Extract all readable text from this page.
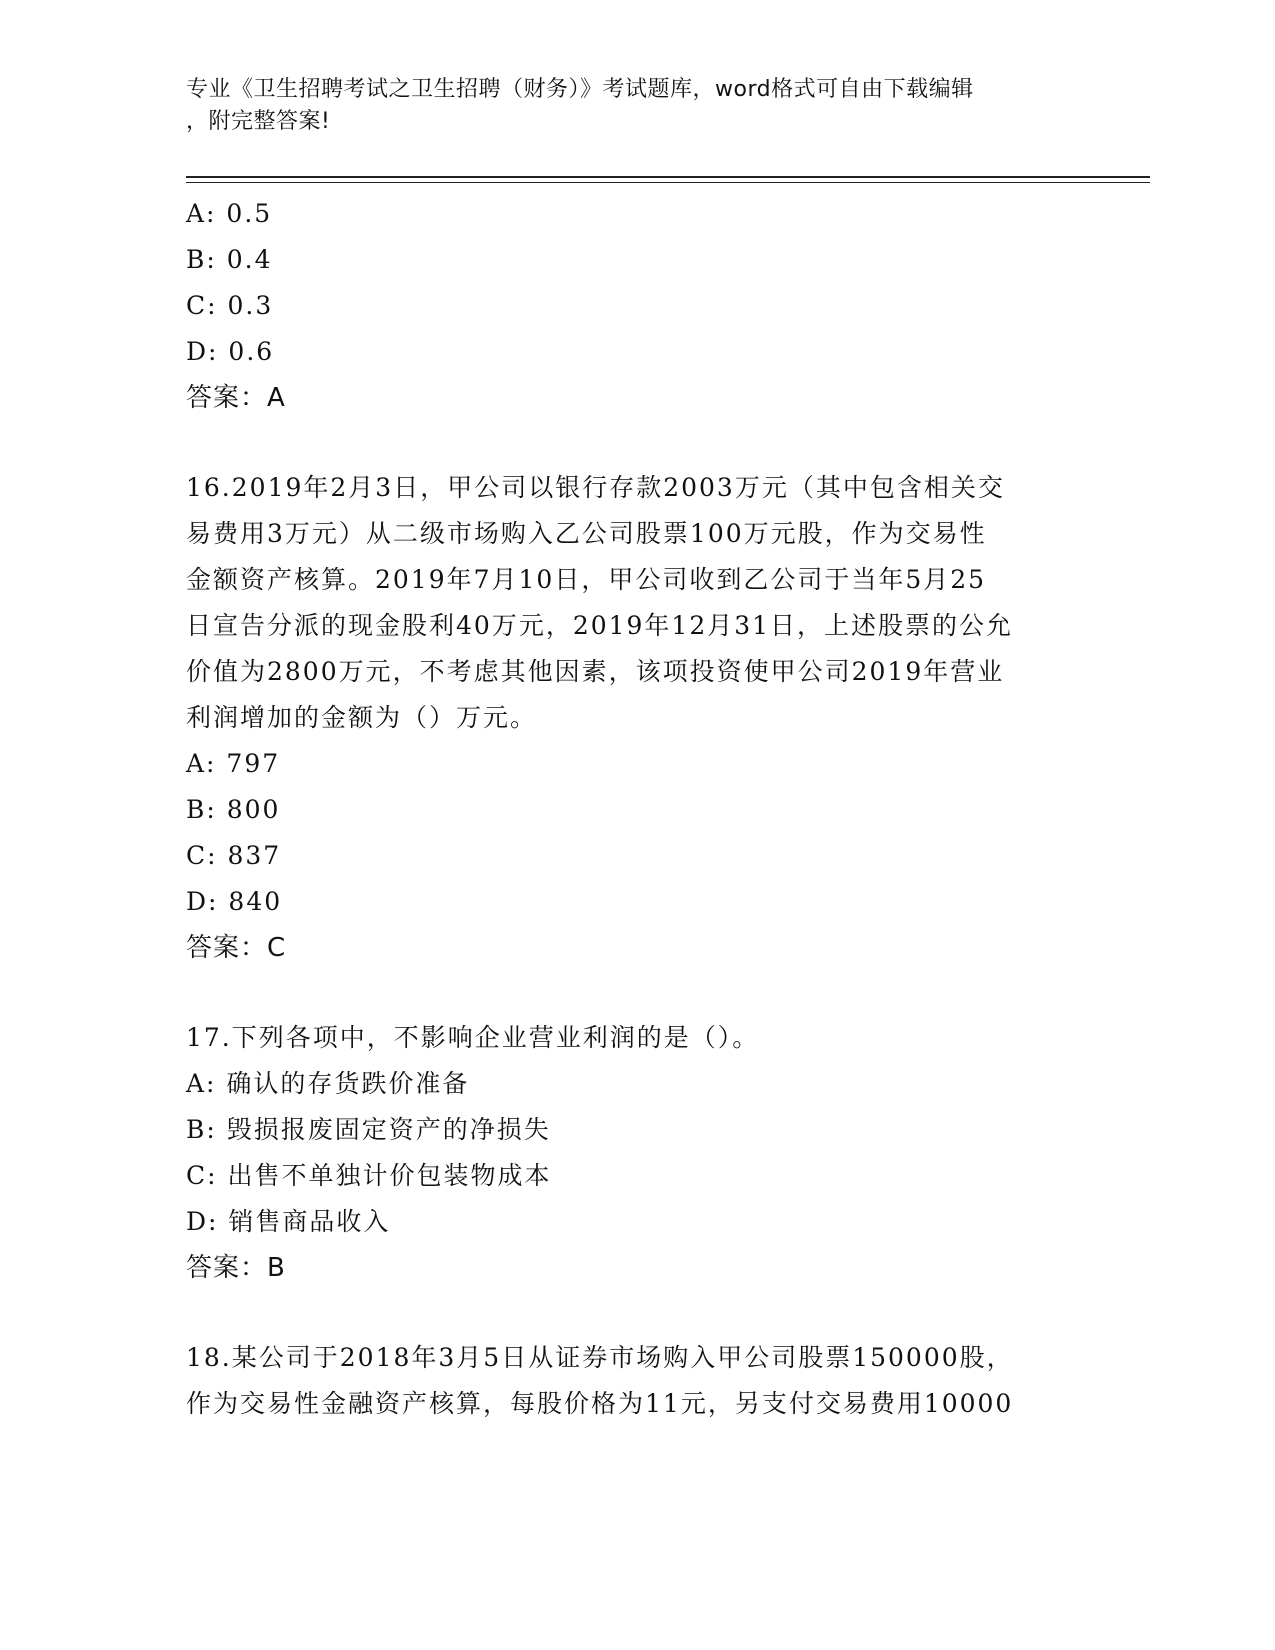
专业《卫生招聘考试之卫生招聘（财务）》考试题库，word格式可自由下载编辑
，附完整答案!
A: 0.5
B: 0.4
C: 0.3
D: 0.6
答案：A
16.2019年2月3日，甲公司以银行存款2003万元（其中包含相关交
易费用3万元）从二级市场购入乙公司股票100万元股，作为交易性
金额资产核算。2019年7月10日，甲公司收到乙公司于当年5月25
日宣告分派的现金股利40万元，2019年12月31日，上述股票的公允
价值为2800万元，不考虑其他因素，该项投资使甲公司2019年营业
利润增加的金额为（）万元。
A: 797
B: 800
C: 837
D: 840
答案：C
17.下列各项中，不影响企业营业利润的是（）。
A: 确认的存货跌价准备
B: 毁损报废固定资产的净损失
C: 出售不单独计价包装物成本
D: 销售商品收入
答案：B
18.某公司于2018年3月5日从证券市场购入甲公司股票150000股，
作为交易性金融资产核算，每股价格为11元，另支付交易费用10000
